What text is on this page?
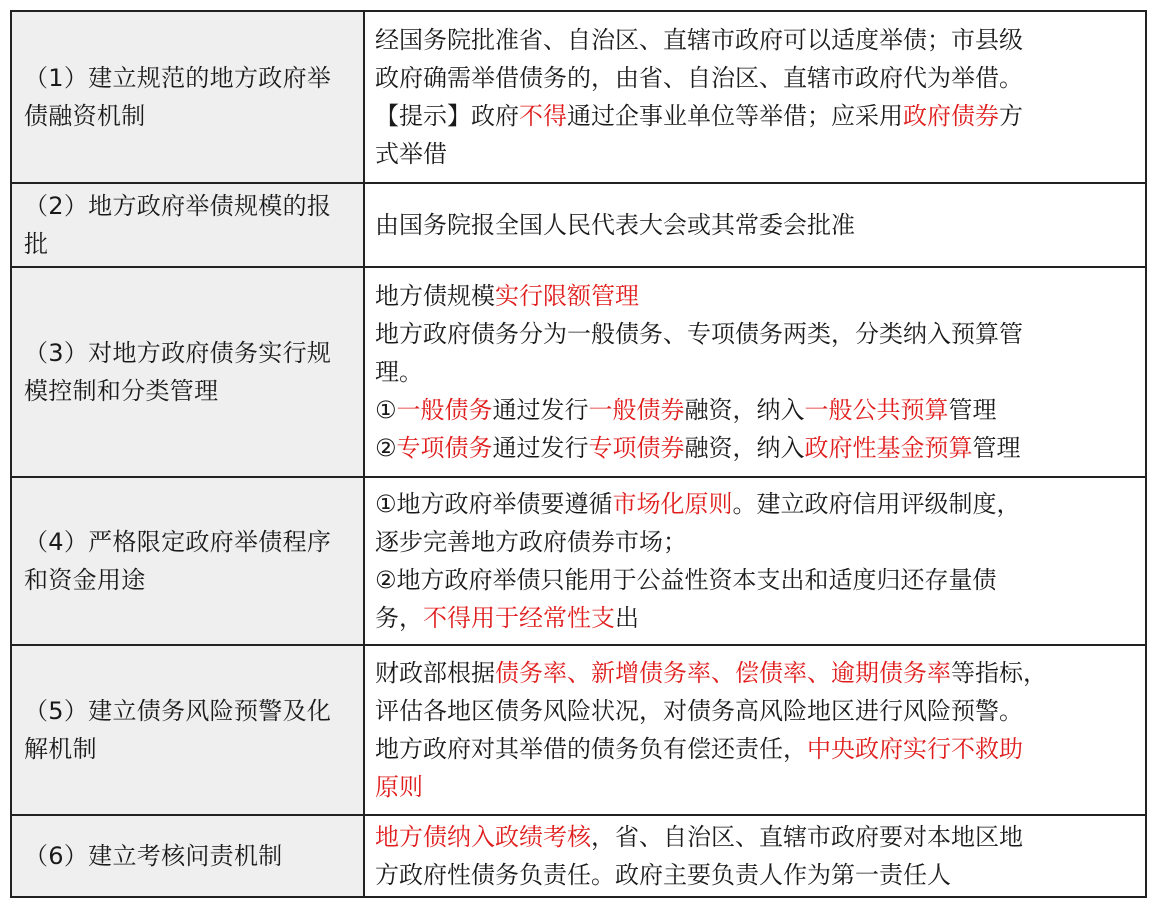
（1）建立规范的地方政府举债融资机制	经国务院批准省、自治区、直辖市政府可以适度举债；市县级
政府确需举借债务的，由省、自治区、直辖市政府代为举借。
【提示】政府不得通过企事业单位等举借；应采用政府债券方
式举借

（2）地方政府举债规模的报批	由国务院报全国人民代表大会或其常委会批准

（3）对地方政府债务实行规模控制和分类管理	地方债规模实行限额管理
地方政府债务分为一般债务、专项债务两类，分类纳入预算管
理。
①一般债务通过发行一般债券融资，纳入一般公共预算管理
②专项债务通过发行专项债券融资，纳入政府性基金预算管理

（4）严格限定政府举债程序和资金用途	①地方政府举债要遵循市场化原则。建立政府信用评级制度，
逐步完善地方政府债券市场；
②地方政府举债只能用于公益性资本支出和适度归还存量债
务，不得用于经常性支出

（5）建立债务风险预警及化解机制	财政部根据债务率、新增债务率、偿债率、逾期债务率等指标，
评估各地区债务风险状况，对债务高风险地区进行风险预警。
地方政府对其举借的债务负有偿还责任，中央政府实行不救助
原则

（6）建立考核问责机制	地方债纳入政绩考核，省、自治区、直辖市政府要对本地区地
方政府性债务负责任。政府主要负责人作为第一责任人
